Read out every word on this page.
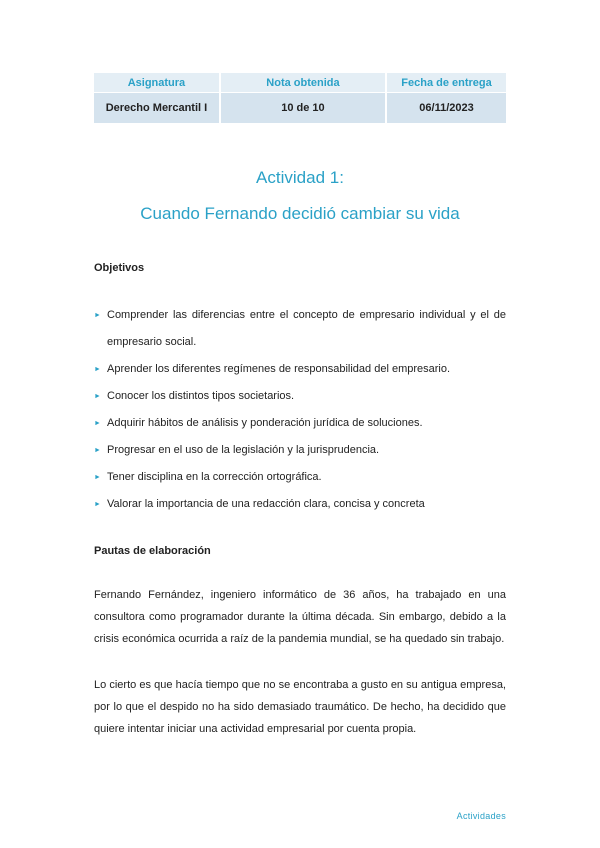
Asignatura	Nota obtenida	Fecha de entrega
Derecho Mercantil I	10 de 10	06/11/2023
Actividad 1:
Cuando Fernando decidió cambiar su vida
Objetivos
► Comprender las diferencias entre el concepto de empresario individual y el de empresario social.
► Aprender los diferentes regímenes de responsabilidad del empresario.
► Conocer los distintos tipos societarios.
► Adquirir hábitos de análisis y ponderación jurídica de soluciones.
► Progresar en el uso de la legislación y la jurisprudencia.
► Tener disciplina en la corrección ortográfica.
► Valorar la importancia de una redacción clara, concisa y concreta
Pautas de elaboración

Fernando Fernández, ingeniero informático de 36 años, ha trabajado en una consultora como programador durante la última década. Sin embargo, debido a la crisis económica ocurrida a raíz de la pandemia mundial, se ha quedado sin trabajo.

Lo cierto es que hacía tiempo que no se encontraba a gusto en su antigua empresa, por lo que el despido no ha sido demasiado traumático. De hecho, ha decidido que quiere intentar iniciar una actividad empresarial por cuenta propia.

Actividades
